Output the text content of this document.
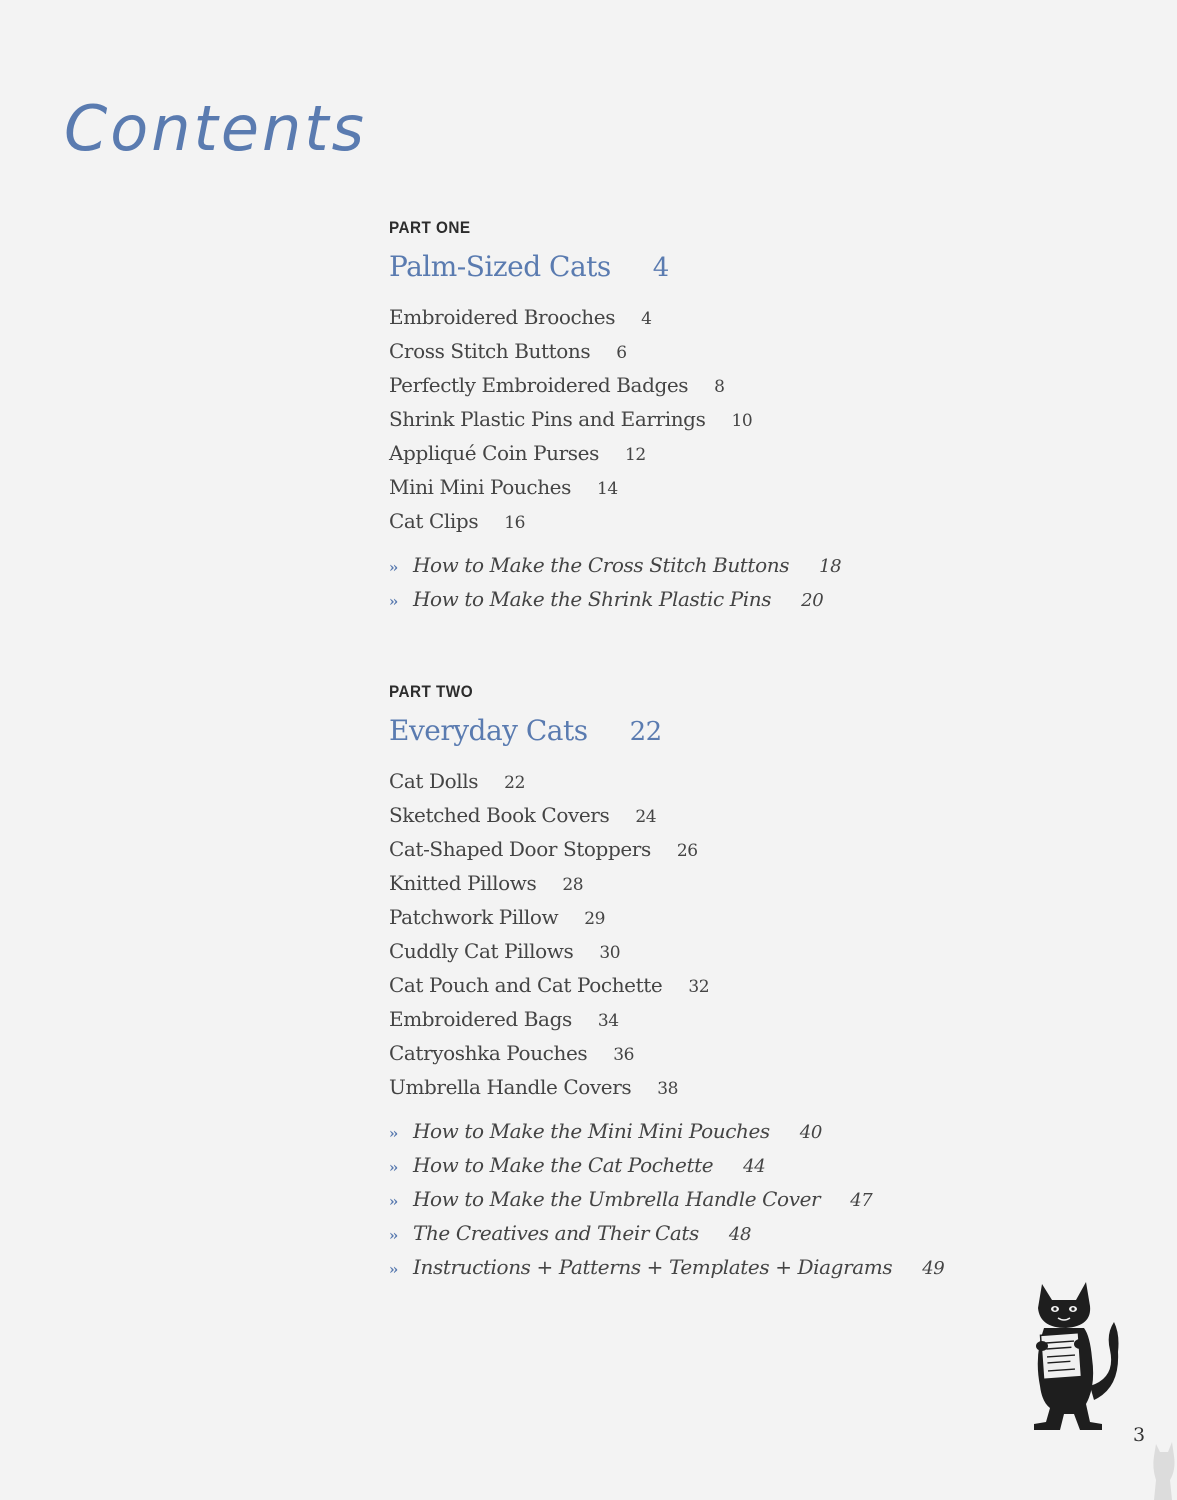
Contents
PART ONE
Palm-Sized Cats 4
Embroidered Brooches 4
Cross Stitch Buttons 6
Perfectly Embroidered Badges 8
Shrink Plastic Pins and Earrings 10
Appliqué Coin Purses 12
Mini Mini Pouches 14
Cat Clips 16
›› How to Make the Cross Stitch Buttons 18
›› How to Make the Shrink Plastic Pins 20
PART TWO
Everyday Cats 22
Cat Dolls 22
Sketched Book Covers 24
Cat-Shaped Door Stoppers 26
Knitted Pillows 28
Patchwork Pillow 29
Cuddly Cat Pillows 30
Cat Pouch and Cat Pochette 32
Embroidered Bags 34
Catryoshka Pouches 36
Umbrella Handle Covers 38
›› How to Make the Mini Mini Pouches 40
›› How to Make the Cat Pochette 44
›› How to Make the Umbrella Handle Cover 47
›› The Creatives and Their Cats 48
›› Instructions + Patterns + Templates + Diagrams 49
3
